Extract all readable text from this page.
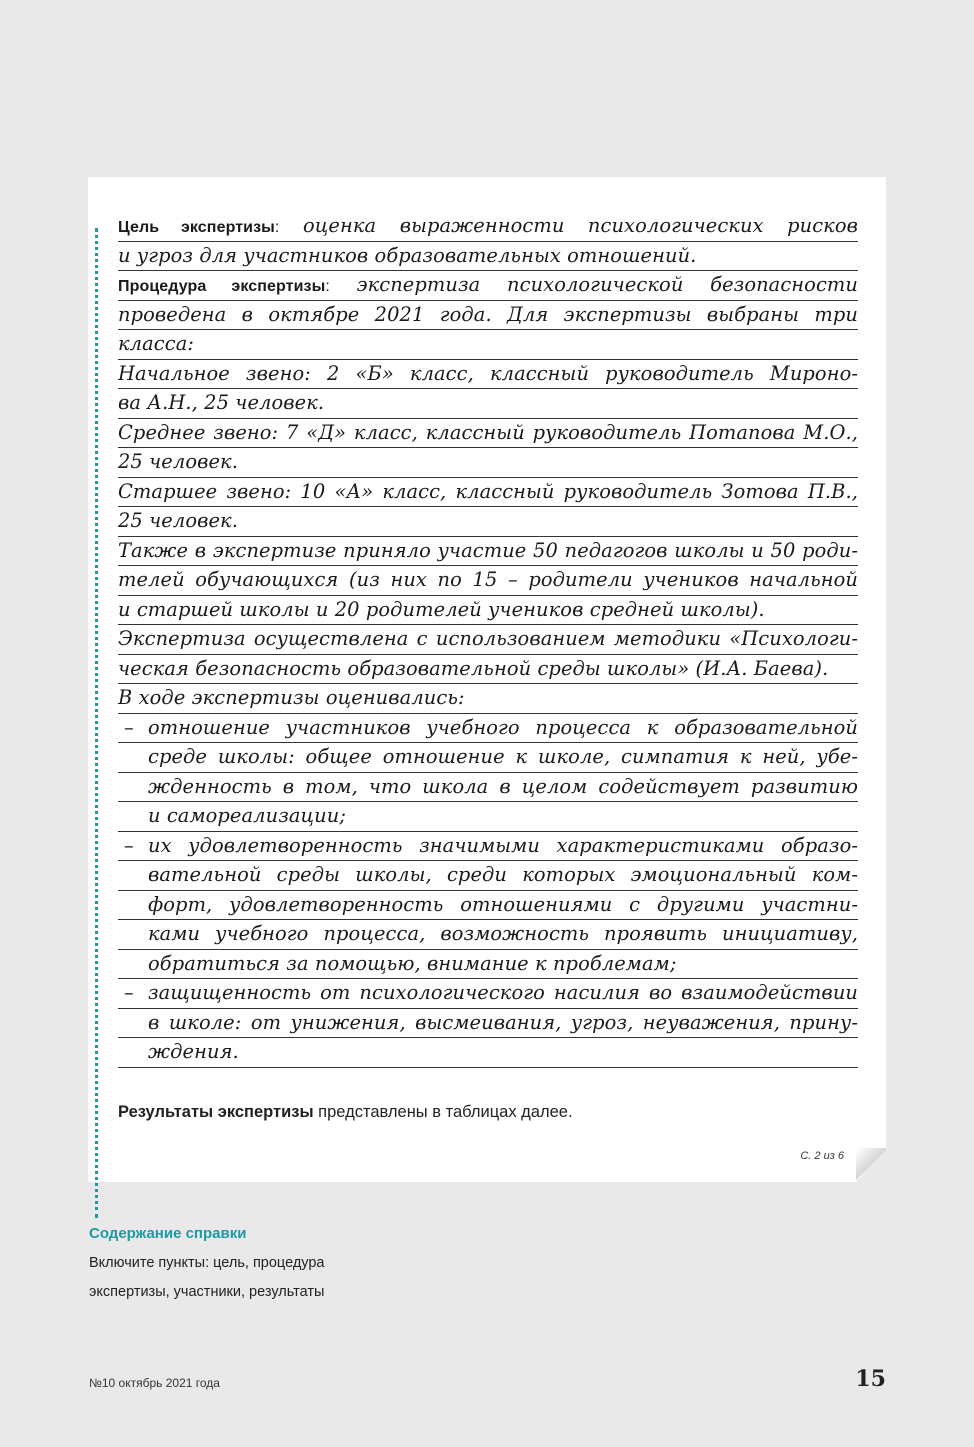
Цель экспертизы: оценка выраженности психологических рисков
и угроз для участников образовательных отношений.
Процедура экспертизы: экспертиза психологической безопасности
проведена в октябре 2021 года. Для экспертизы выбраны три
класса:
Начальное звено: 2 «Б» класс, классный руководитель Мироно-
ва А.Н., 25 человек.
Среднее звено: 7 «Д» класс, классный руководитель Потапова М.О.,
25 человек.
Старшее звено: 10 «А» класс, классный руководитель Зотова П.В.,
25 человек.
Также в экспертизе приняло участие 50 педагогов школы и 50 роди-
телей обучающихся (из них по 15 – родители учеников начальной
и старшей школы и 20 родителей учеников средней школы).
Экспертиза осуществлена с использованием методики «Психологи-
ческая безопасность образовательной среды школы» (И.А. Баева).
В ходе экспертизы оценивались:
– отношение участников учебного процесса к образовательной
среде школы: общее отношение к школе, симпатия к ней, убе-
жденность в том, что школа в целом содействует развитию
и самореализации;
– их удовлетворенность значимыми характеристиками образо-
вательной среды школы, среди которых эмоциональный ком-
форт, удовлетворенность отношениями с другими участни-
ками учебного процесса, возможность проявить инициативу,
обратиться за помощью, внимание к проблемам;
– защищенность от психологического насилия во взаимодействии
в школе: от унижения, высмеивания, угроз, неуважения, прину-
ждения.
Результаты экспертизы представлены в таблицах далее.
С. 2 из 6
Содержание справки
Включите пункты: цель, процедура
экспертизы, участники, результаты
№10 октябрь 2021 года	15
